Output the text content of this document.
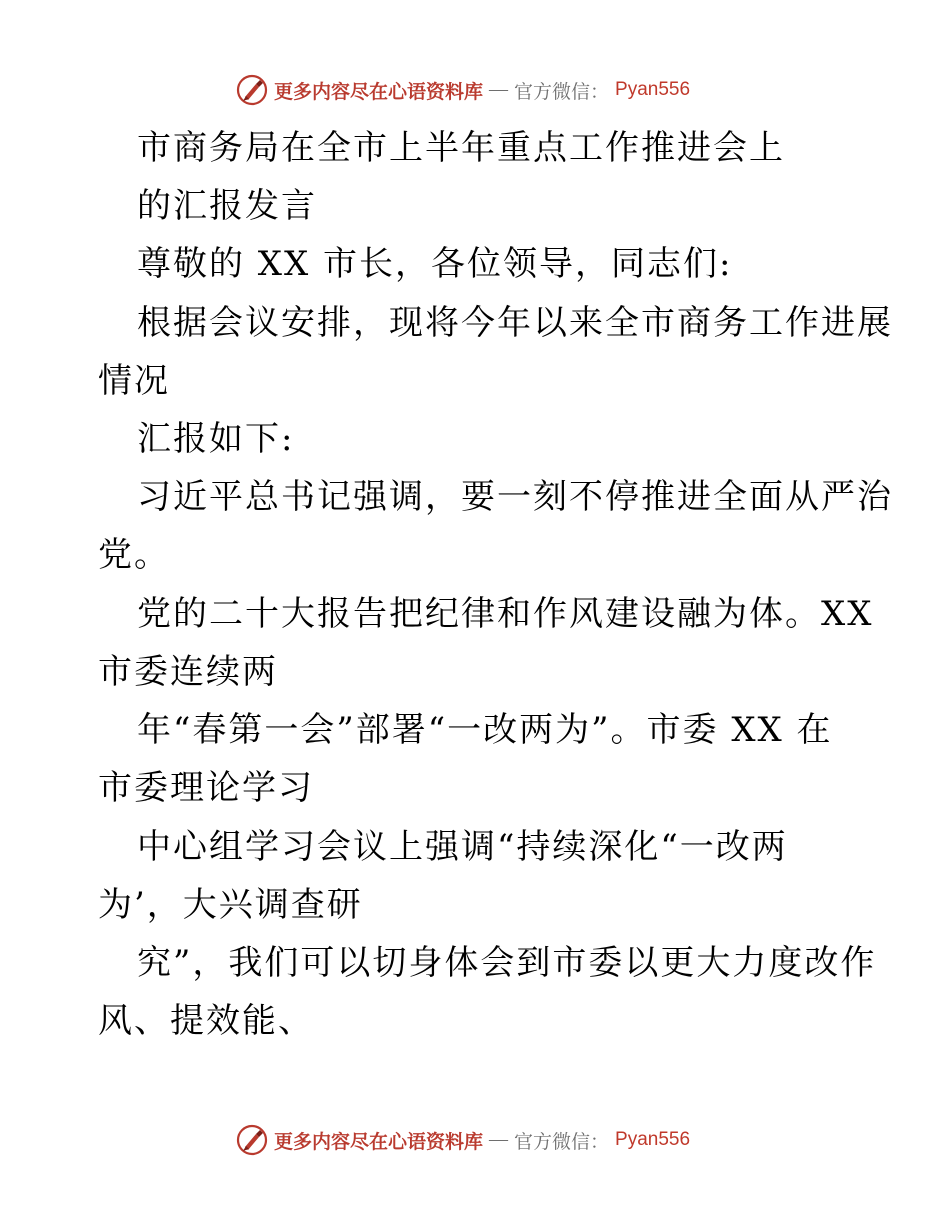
更多内容尽在心语资料库 — 官方微信： Pyan556
市商务局在全市上半年重点工作推进会上
的汇报发言
尊敬的 XX 市长，各位领导，同志们:
根据会议安排，现将今年以来全市商务工作进展
情况
汇报如下:
习近平总书记强调，要一刻不停推进全面从严治
党。
党的二十大报告把纪律和作风建设融为体。XX
市委连续两
年“春第一会”部署“一改两为”。市委 XX 在
市委理论学习
中心组学习会议上强调“持续深化“一改两
为’，大兴调查研
究”，我们可以切身体会到市委以更大力度改作
风、提效能、
更多内容尽在心语资料库 — 官方微信： Pyan556
